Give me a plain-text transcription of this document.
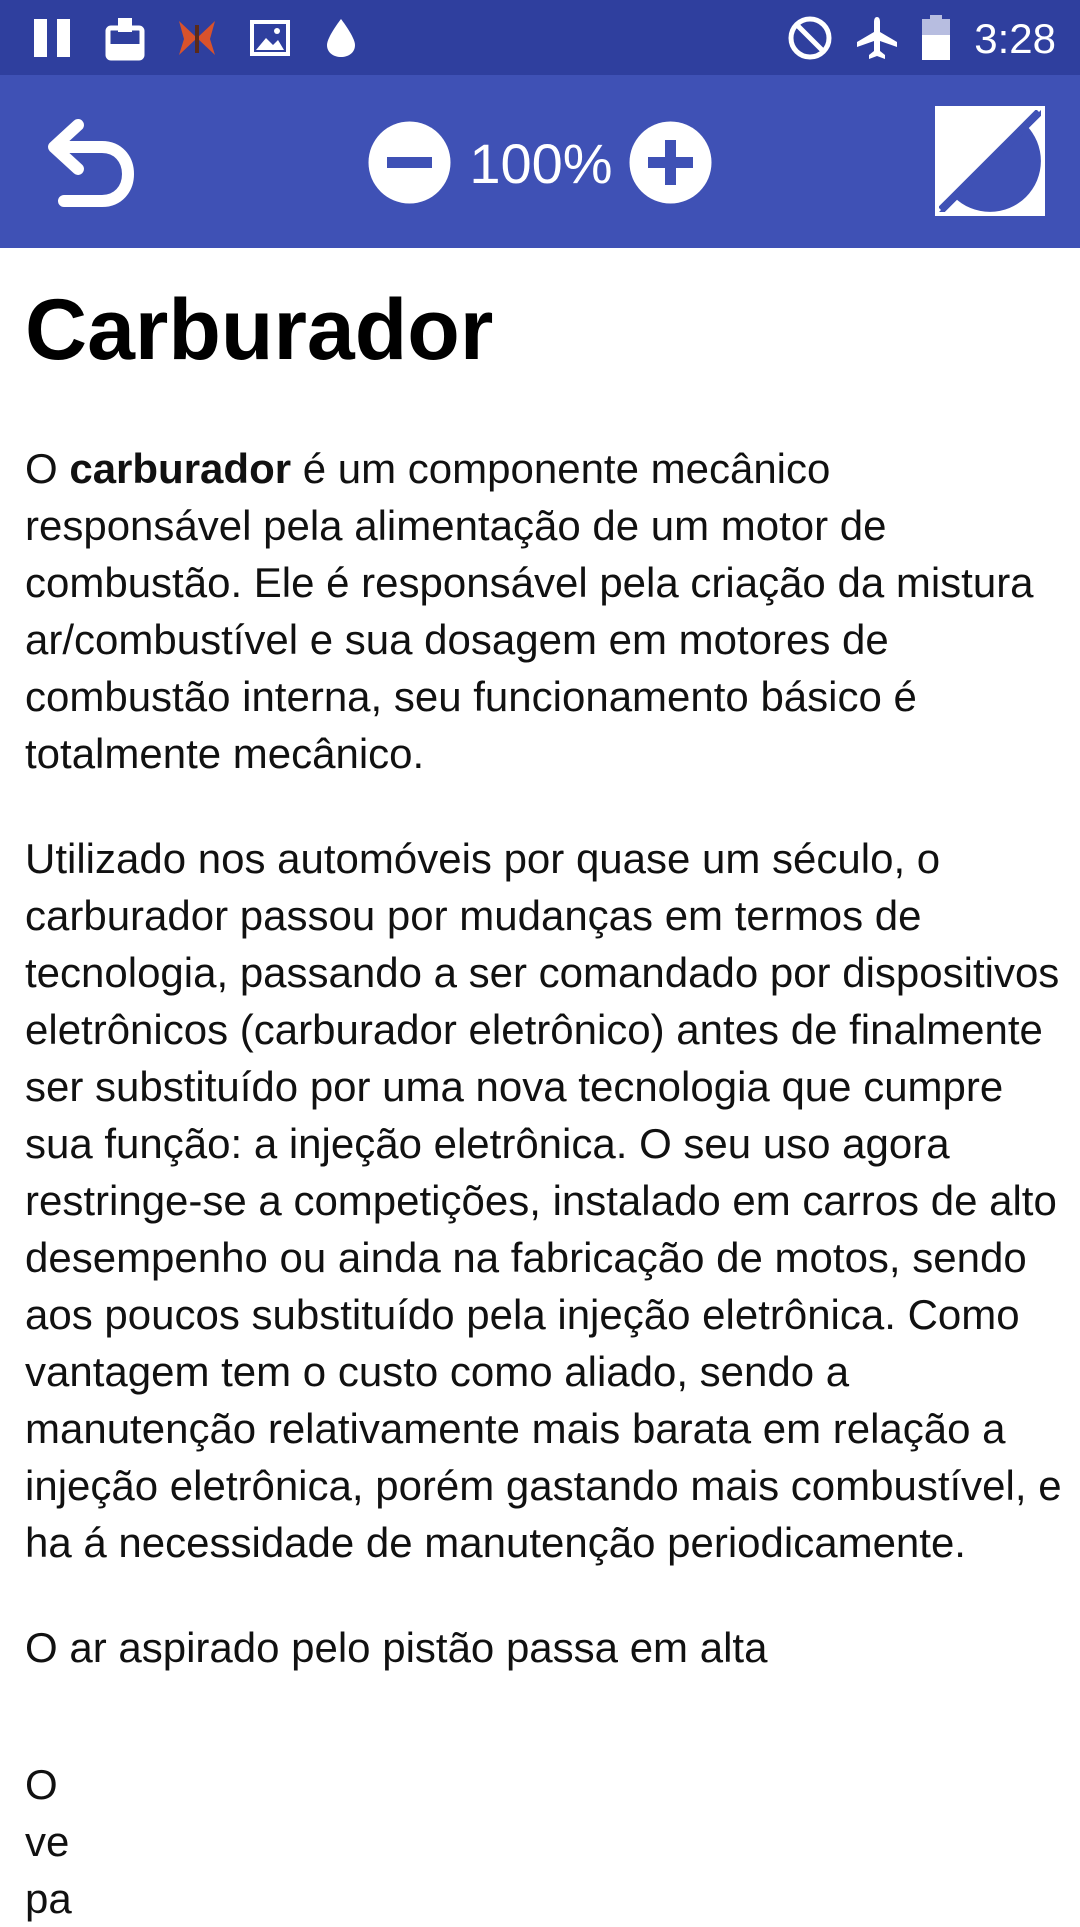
3:28
100%
Carburador

O carburador é um componente mecânico responsável pela alimentação de um motor de combustão. Ele é responsável pela criação da mistura ar/combustível e sua dosagem em motores de combustão interna, seu funcionamento básico é totalmente mecânico.

Utilizado nos automóveis por quase um século, o carburador passou por mudanças em termos de tecnologia, passando a ser comandado por dispositivos eletrônicos (carburador eletrônico) antes de finalmente ser substituído por uma nova tecnologia que cumpre sua função: a injeção eletrônica. O seu uso agora restringe-se a competições, instalado em carros de alto desempenho ou ainda na fabricação de motos, sendo aos poucos substituído pela injeção eletrônica. Como vantagem tem o custo como aliado, sendo a manutenção relativamente mais barata em relação a injeção eletrônica, porém gastando mais combustível, e ha á necessidade de manutenção periodicamente.

O ar aspirado pelo pistão passa em alta

O
ve
pa
